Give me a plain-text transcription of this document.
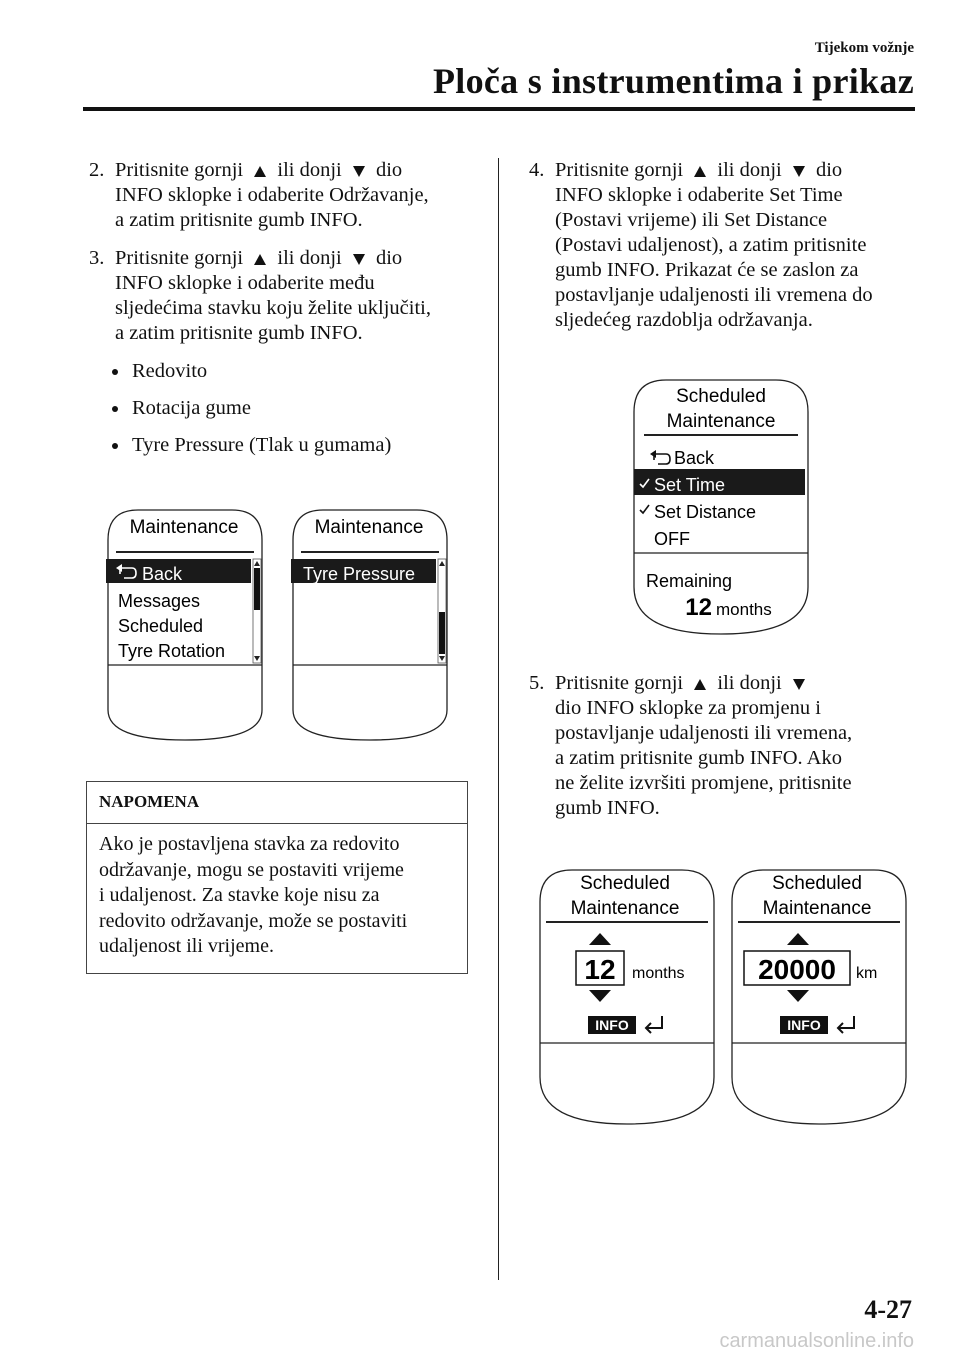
Tijekom vožnje
Ploča s instrumentima i prikaz
2. Pritisnite gornji  ili donji  dio
INFO sklopke i odaberite Održavanje,
a zatim pritisnite gumb INFO.
3. Pritisnite gornji  ili donji  dio
INFO sklopke i odaberite među
sljedećima stavku koju želite uključiti,
a zatim pritisnite gumb INFO.
Redovito
Rotacija gume
Tyre Pressure (Tlak u gumama)
Maintenance
Back
Messages
Scheduled
Tyre Rotation
Maintenance
Tyre Pressure
NAPOMENA
Ako je postavljena stavka za redovito
održavanje, mogu se postaviti vrijeme
i udaljenost. Za stavke koje nisu za
redovito održavanje, može se postaviti
udaljenost ili vrijeme.
4. Pritisnite gornji  ili donji  dio
INFO sklopke i odaberite Set Time
(Postavi vrijeme) ili Set Distance
(Postavi udaljenost), a zatim pritisnite
gumb INFO. Prikazat će se zaslon za
postavljanje udaljenosti ili vremena do
sljedećeg razdoblja održavanja.
5. Pritisnite gornji  ili donji
dio INFO sklopke za promjenu i
postavljanje udaljenosti ili vremena,
a zatim pritisnite gumb INFO. Ako
ne želite izvršiti promjene, pritisnite
gumb INFO.
Scheduled
Maintenance
Back
Set Time
Set Distance
OFF
Remaining
12 months
Scheduled
Maintenance
12 months
INFO
Scheduled
Maintenance
20000 km
INFO
4-27
carmanualsonline.info
